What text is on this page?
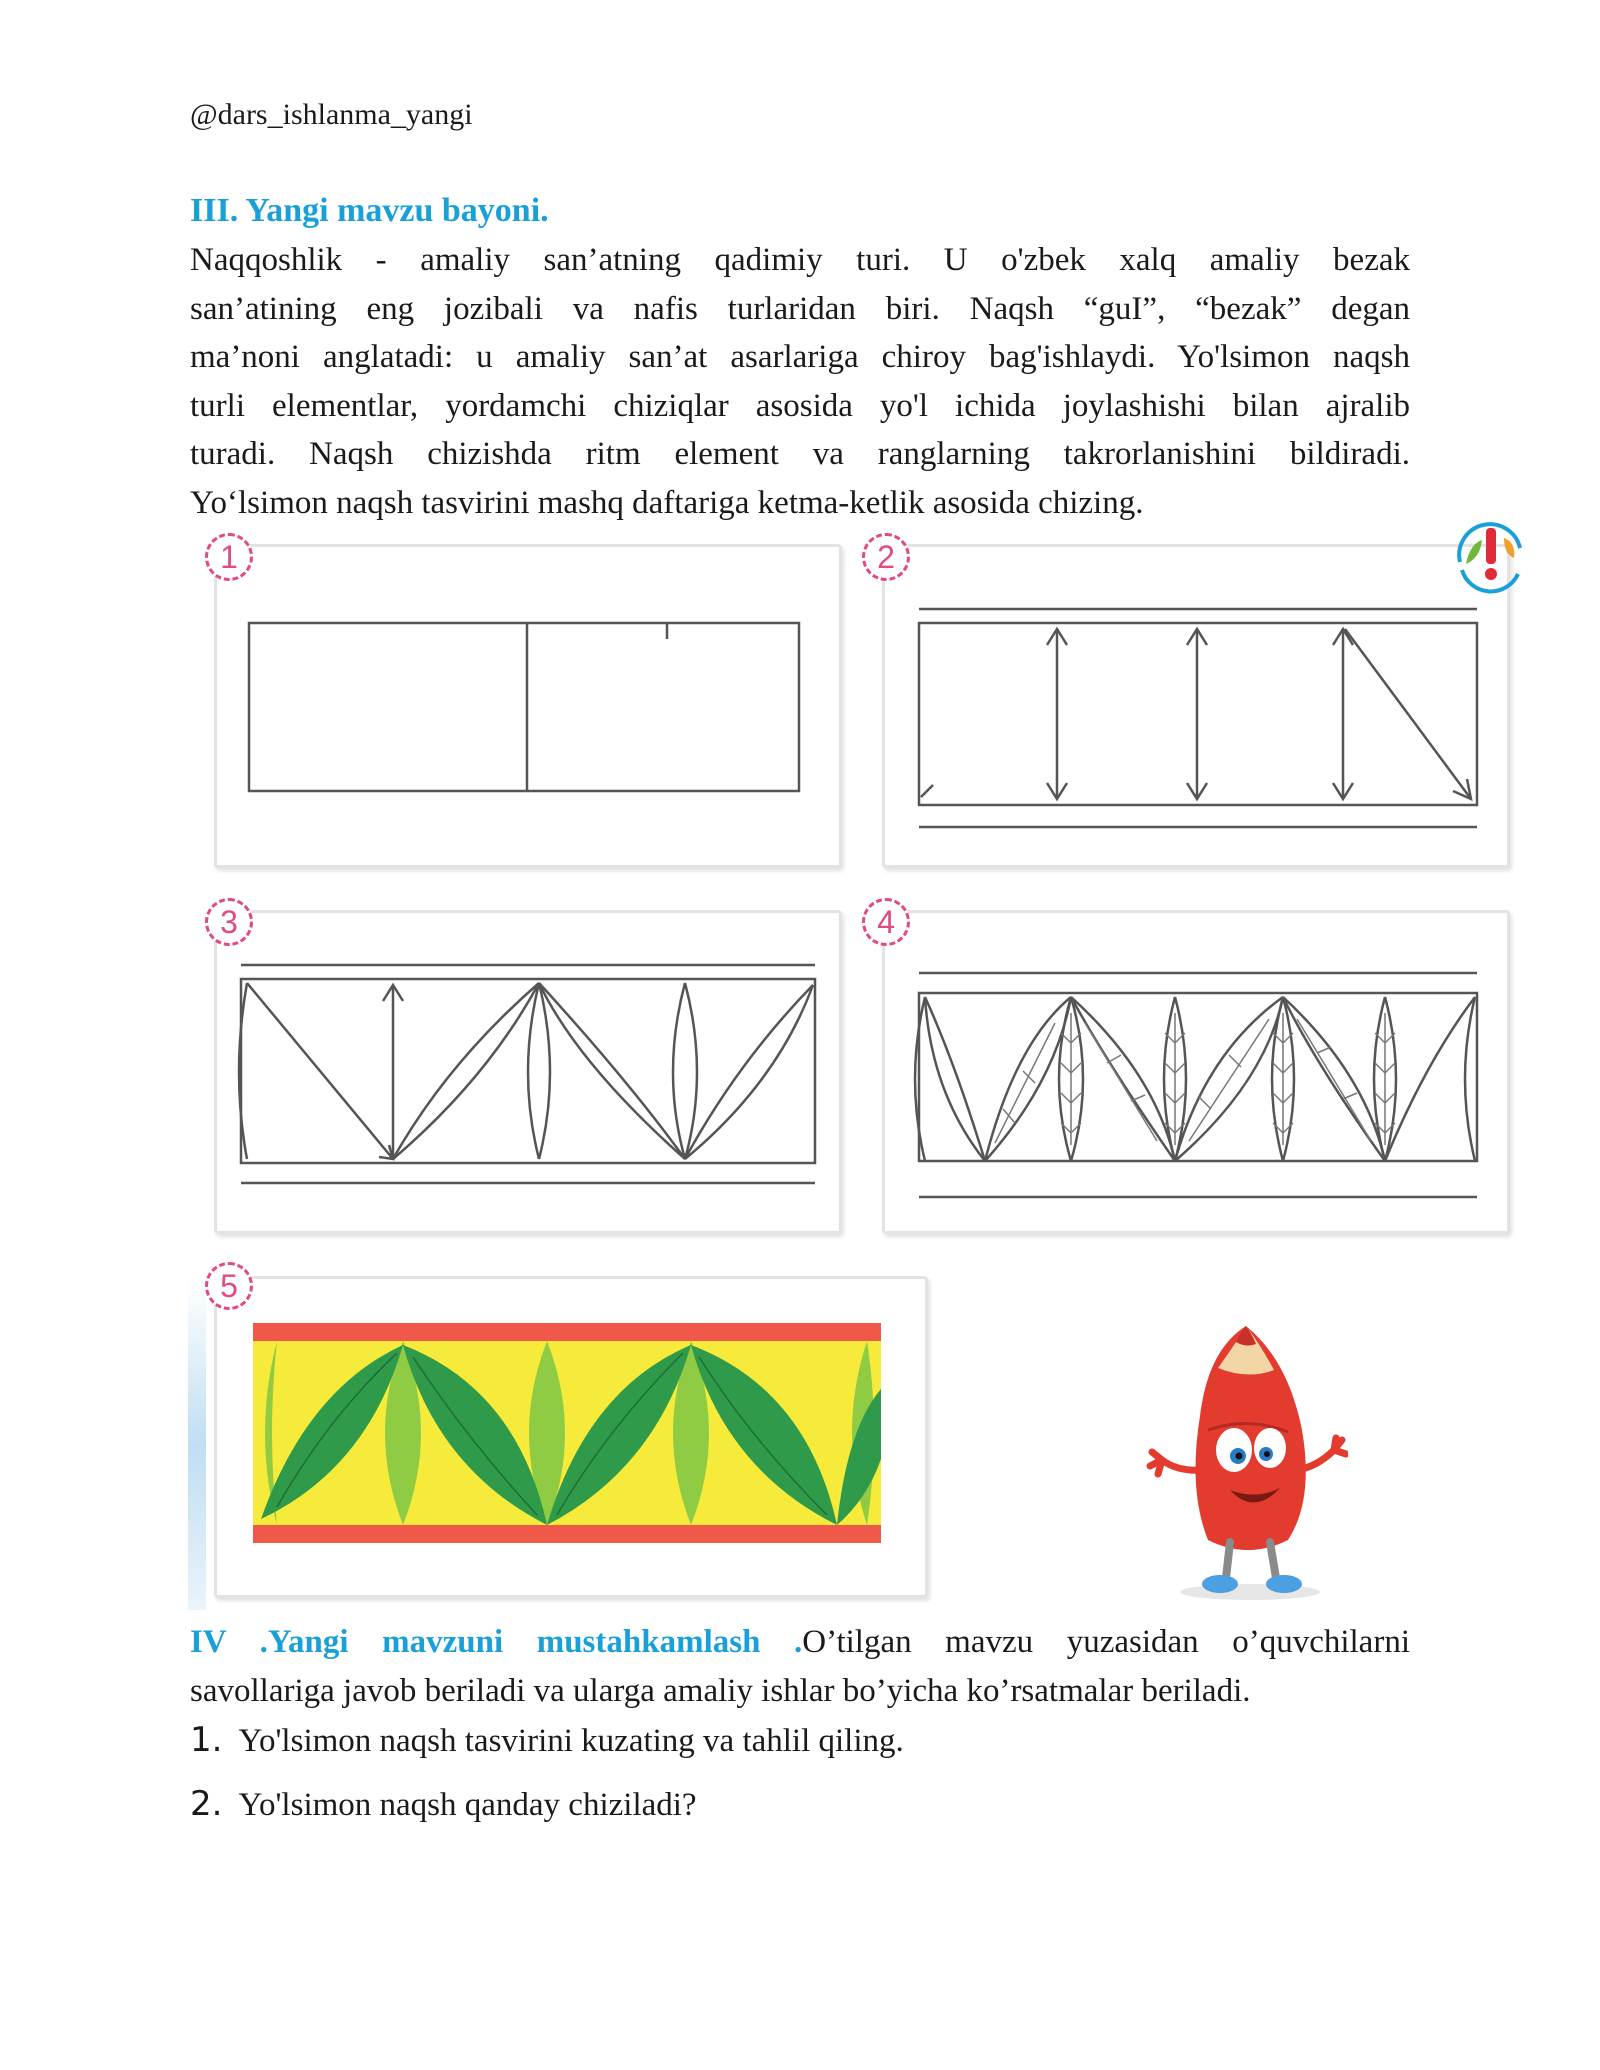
@dars_ishlanma_yangi
III. Yangi mavzu bayoni.
Naqqoshlik - amaliy san’atning qadimiy turi. U o'zbek xalq amaliy bezak
san’atining eng jozibali va nafis turlaridan biri. Naqsh “guI”, “bezak” degan
ma’noni anglatadi: u amaliy san’at asarlariga chiroy bag'ishlaydi. Yo'lsimon naqsh
turli elementlar, yordamchi chiziqlar asosida yo'l ichida joylashishi bilan ajralib
turadi. Naqsh chizishda ritm element va ranglarning takrorlanishini bildiradi.
Yo‘lsimon naqsh tasvirini mashq daftariga ketma-ketlik asosida chizing.
1	2
3	4
5
IV .Yangi mavzuni mustahkamlash .O’tilgan mavzu yuzasidan o’quvchilarni
savollariga javob beriladi va ularga amaliy ishlar bo’yicha ko’rsatmalar beriladi.
1. Yo'lsimon naqsh tasvirini kuzating va tahlil qiling.
2. Yo'lsimon naqsh qanday chiziladi?
